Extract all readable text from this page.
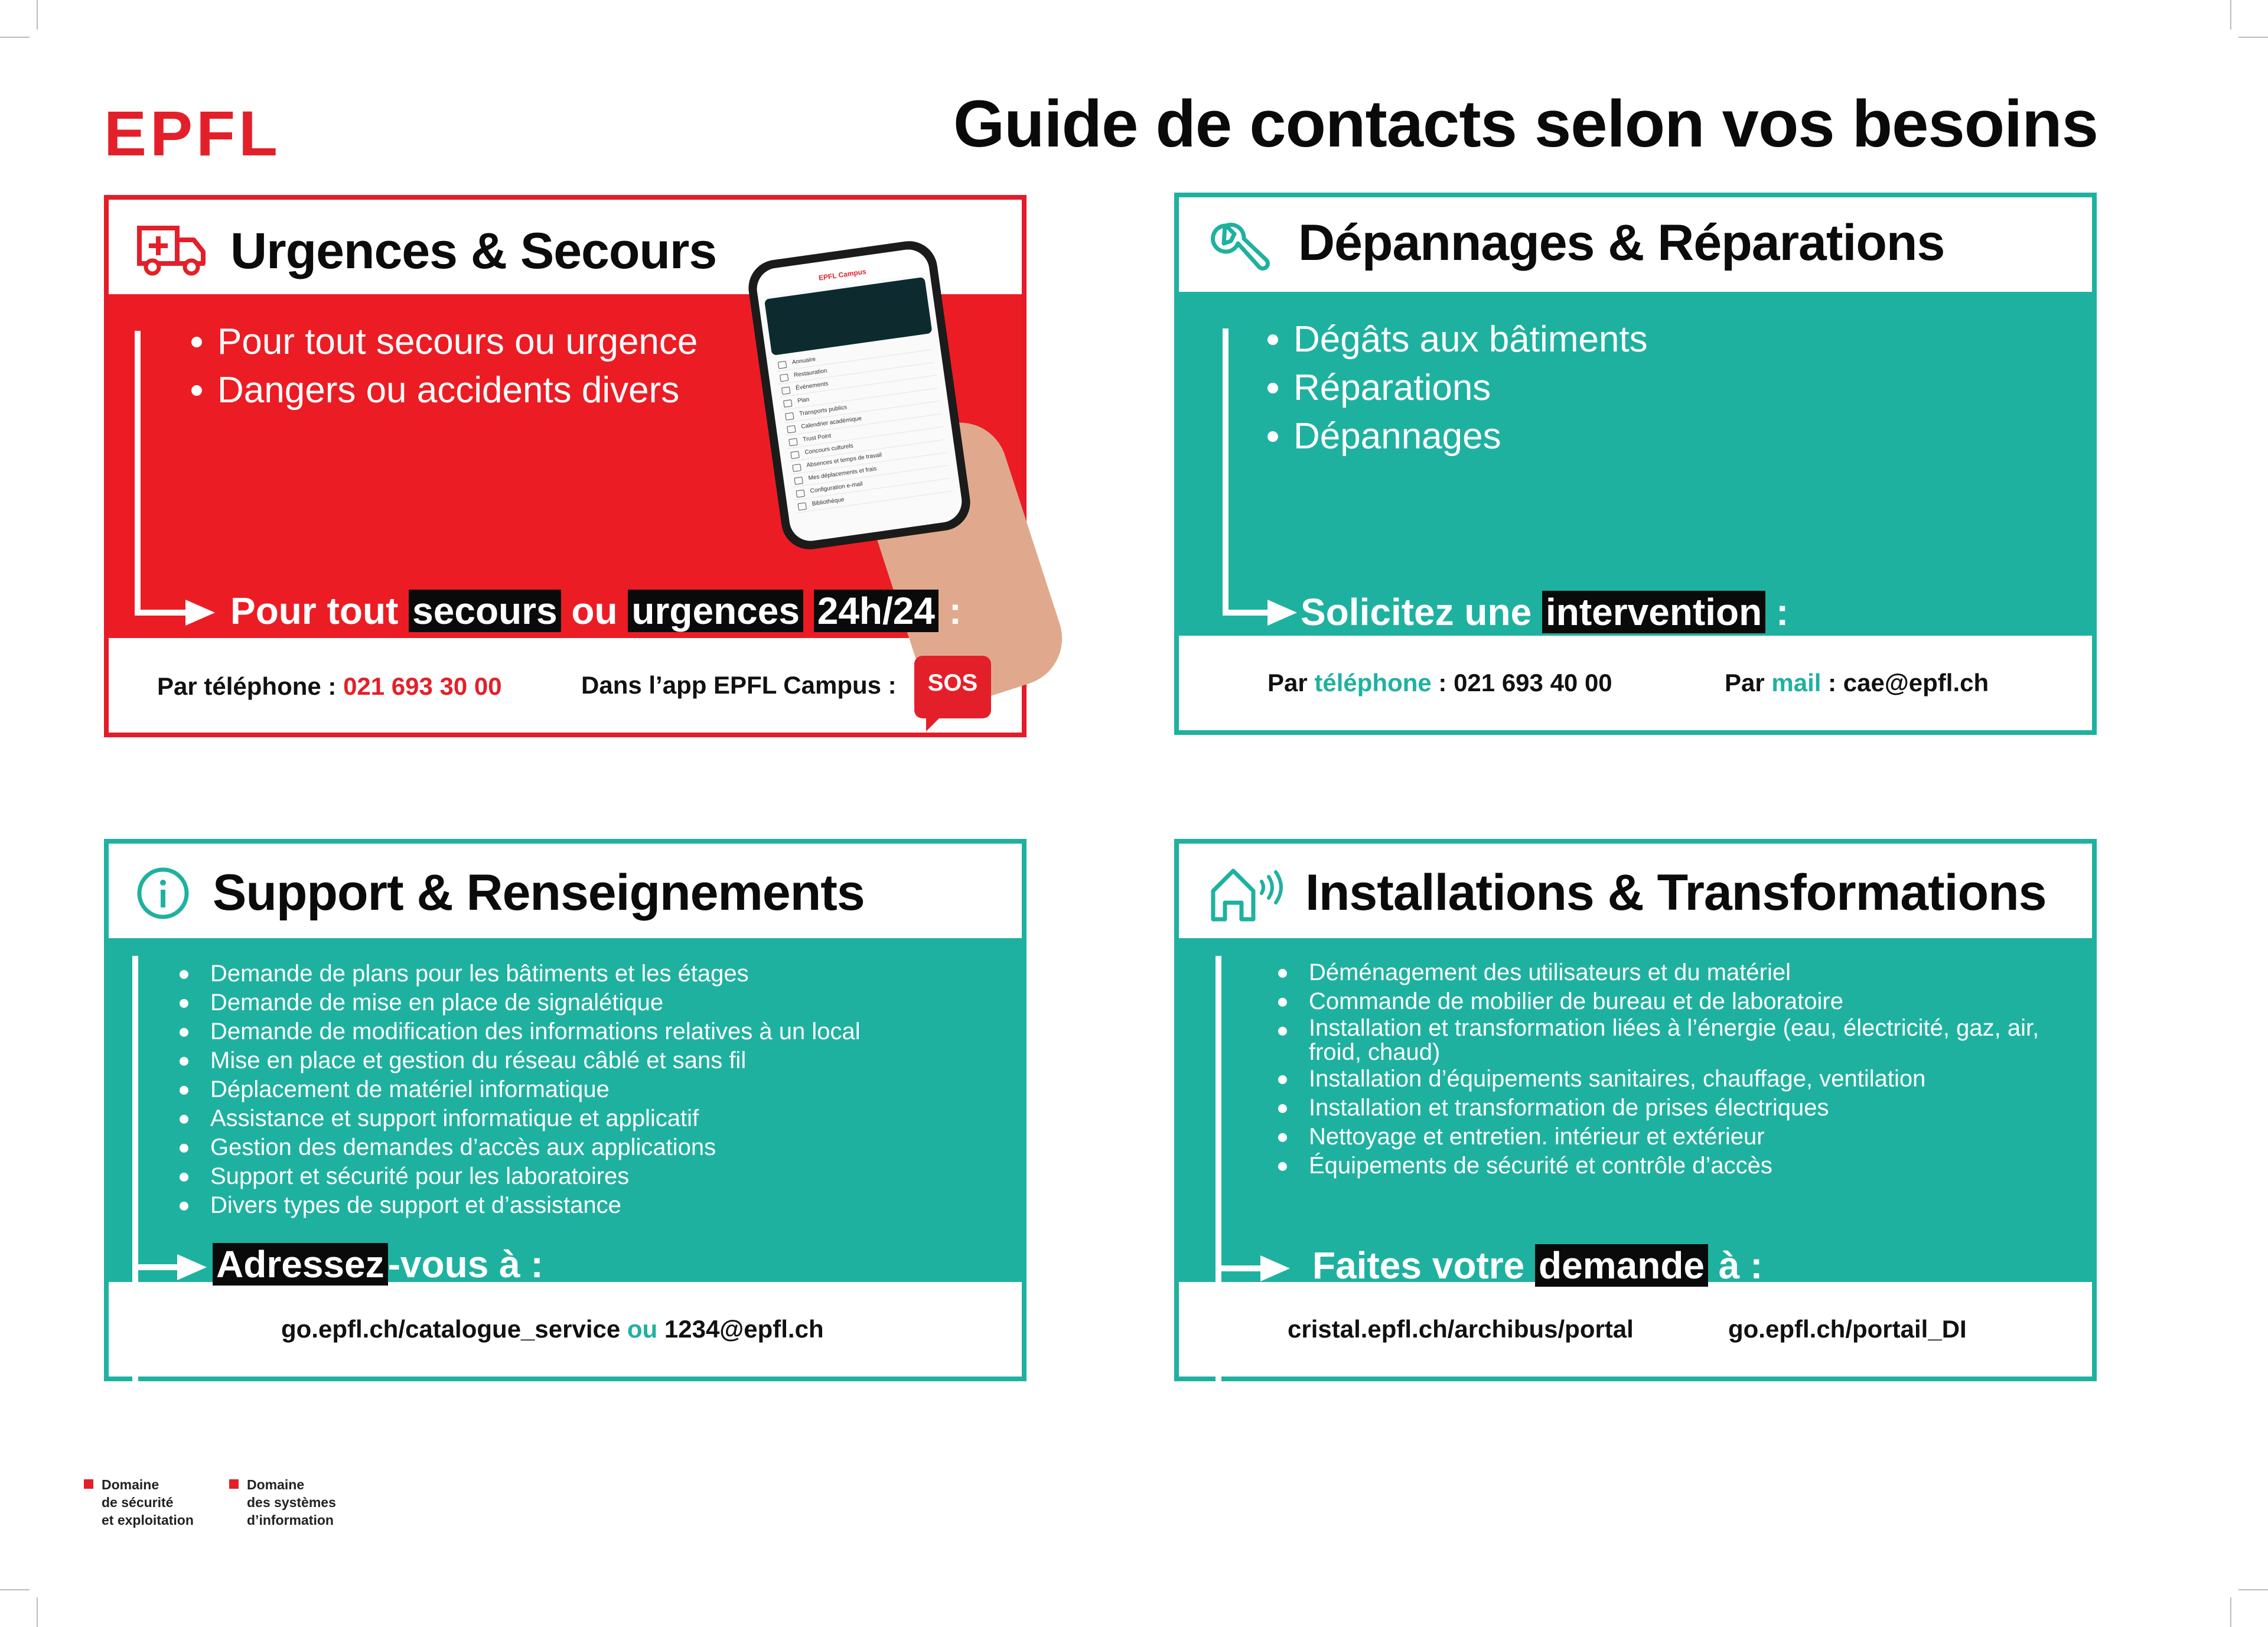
EPFL	Guide de contacts selon vos besoins
Urgences & Secours	EPFL Campus
Annuaire
Restauration
Événements
Plan
Transports publics
Calendrier académique
Trust Point
Concours culturels
Absences et temps de travail
Mes déplacements et frais
Configuration e-mail
Bibliothèque
Pour tout secours ou urgence
Dangers ou accidents divers
Pour tout secours ou urgences 24h/24 :
Par téléphone : 021 693 30 00	Dans l’app EPFL Campus :	SOS
Dépannages & Réparations
Dégâts aux bâtiments
Réparations
Dépannages
Solicitez une intervention :
Par téléphone : 021 693 40 00	Par mail : cae@epfl.ch
Support & Renseignements
Demande de plans pour les bâtiments et les étages
Demande de mise en place de signalétique
Demande de modification des informations relatives à un local
Mise en place et gestion du réseau câblé et sans fil
Déplacement de matériel informatique
Assistance et support informatique et applicatif
Gestion des demandes d’accès aux applications
Support et sécurité pour les laboratoires
Divers types de support et d’assistance
Adressez-vous à :
go.epfl.ch/catalogue_service ou 1234@epfl.ch
Installations & Transformations
Déménagement des utilisateurs et du matériel
Commande de mobilier de bureau et de laboratoire
Installation et transformation liées à l’énergie (eau, électricité, gaz, air, froid, chaud)
Installation d’équipements sanitaires, chauffage, ventilation
Installation et transformation de prises électriques
Nettoyage et entretien. intérieur et extérieur
Équipements de sécurité et contrôle d’accès
Faites votre demande à :
cristal.epfl.ch/archibus/portal	go.epfl.ch/portail_DI
Domaine
de sécurité
et exploitation
Domaine
des systèmes
d’information
